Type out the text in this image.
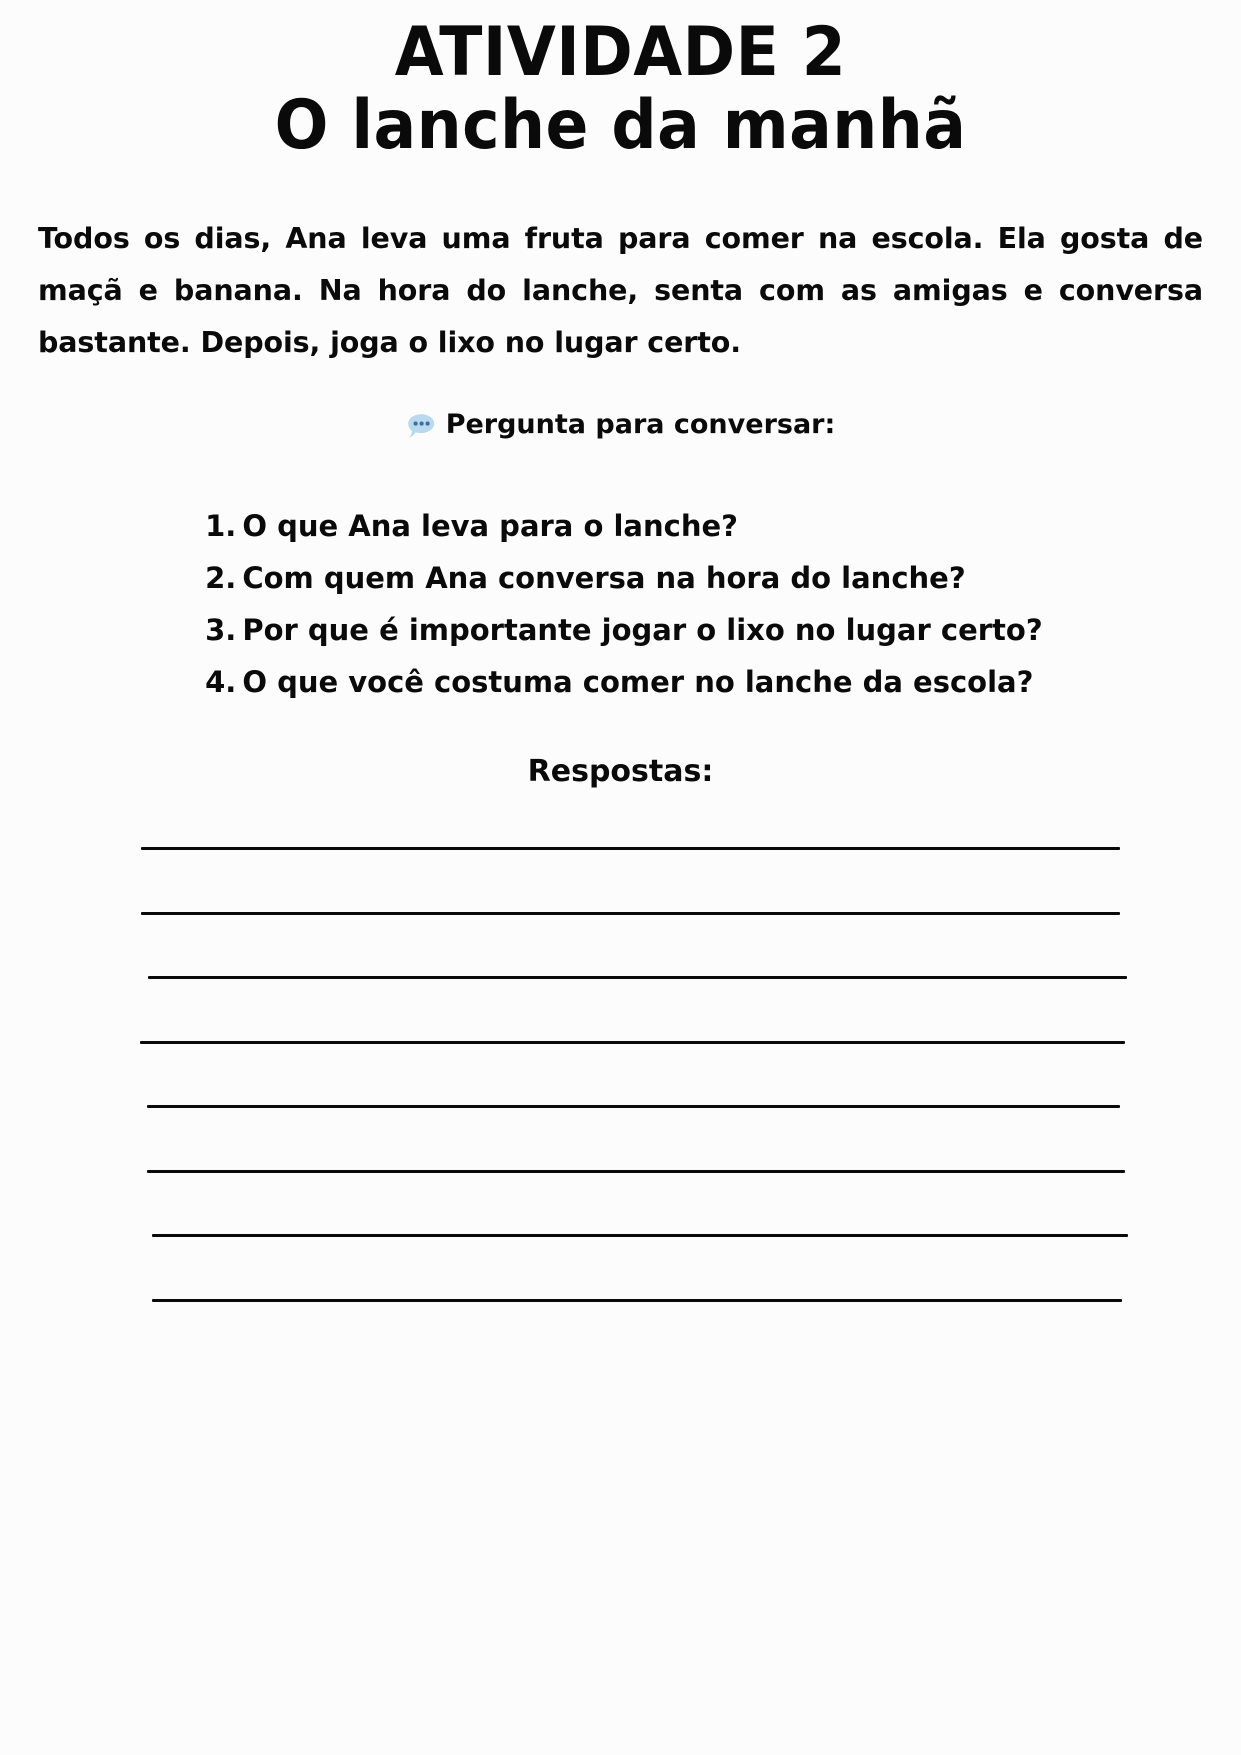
ATIVIDADE 2
O lanche da manhã

Todos os dias, Ana leva uma fruta para comer na escola. Ela gosta de maçã e banana. Na hora do lanche, senta com as amigas e conversa bastante. Depois, joga o lixo no lugar certo.

Pergunta para conversar:
1. O que Ana leva para o lanche?
2. Com quem Ana conversa na hora do lanche?
3. Por que é importante jogar o lixo no lugar certo?
4. O que você costuma comer no lanche da escola?
Respostas:
